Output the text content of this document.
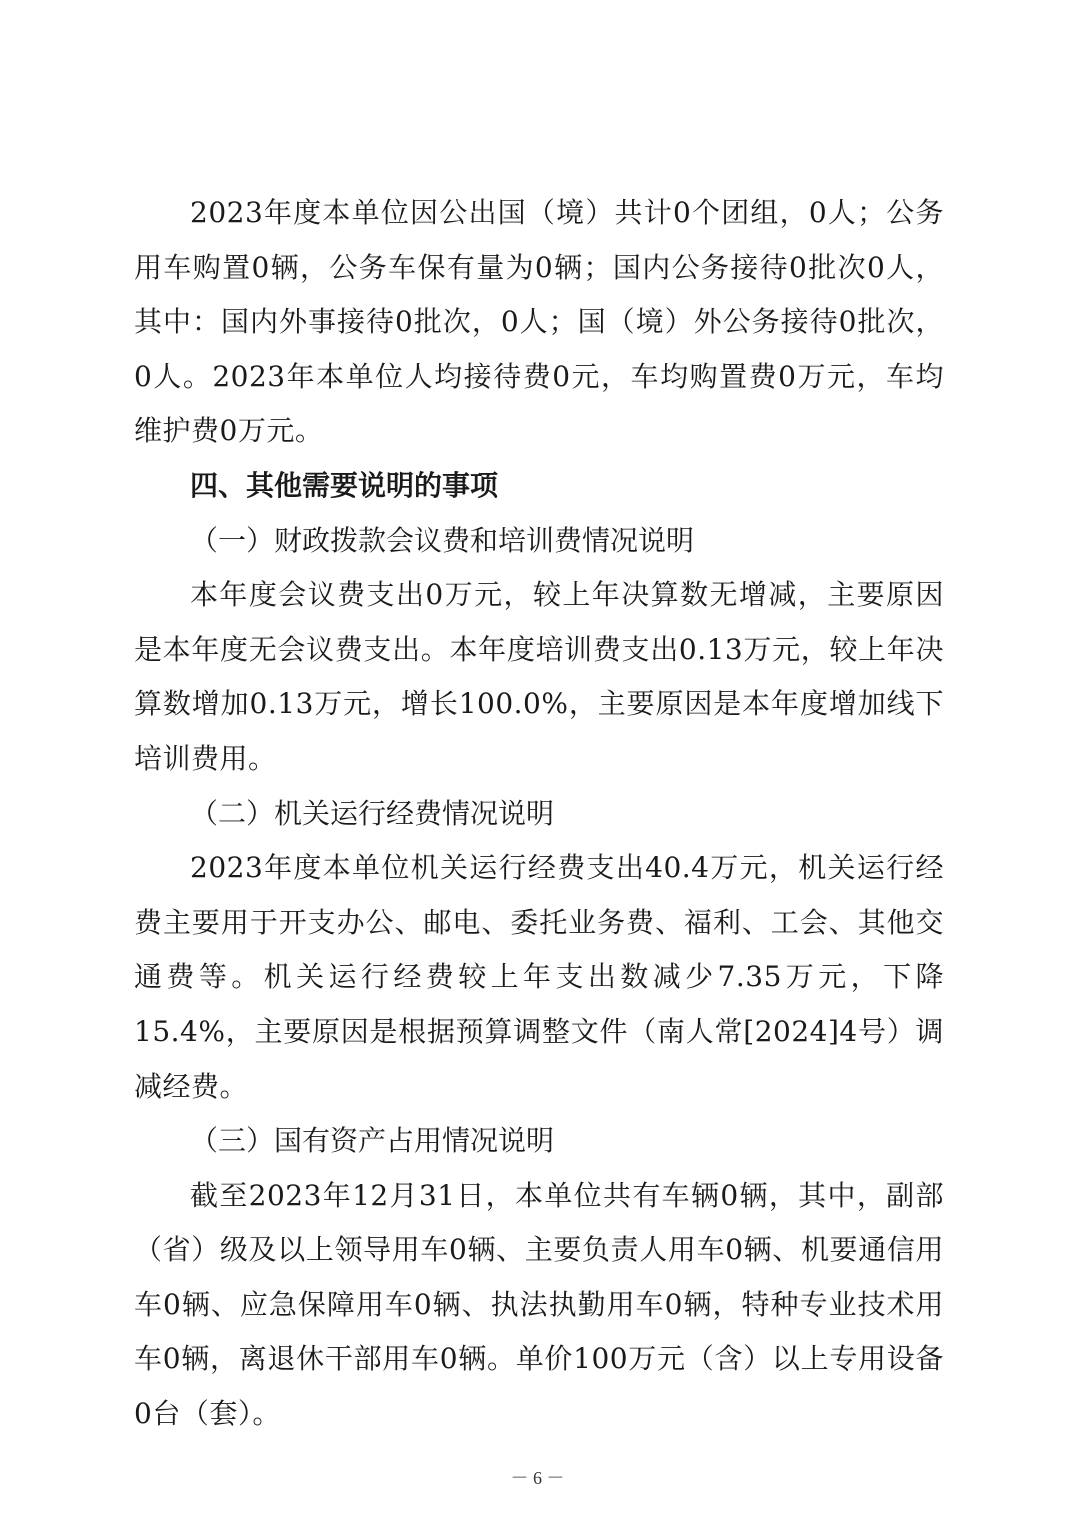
2023年度本单位因公出国（境）共计0个团组，0人；公务用车购置0辆，公务车保有量为0辆；国内公务接待0批次0人，其中：国内外事接待0批次，0人；国（境）外公务接待0批次，0人。2023年本单位人均接待费0元，车均购置费0万元，车均维护费0万元。

四、其他需要说明的事项

（一）财政拨款会议费和培训费情况说明

本年度会议费支出0万元，较上年决算数无增减，主要原因是本年度无会议费支出。本年度培训费支出0.13万元，较上年决算数增加0.13万元，增长100.0%，主要原因是本年度增加线下培训费用。

（二）机关运行经费情况说明

2023年度本单位机关运行经费支出40.4万元，机关运行经费主要用于开支办公、邮电、委托业务费、福利、工会、其他交通费等。机关运行经费较上年支出数减少7.35万元，下降15.4%，主要原因是根据预算调整文件（南人常[2024]4号）调减经费。

（三）国有资产占用情况说明

截至2023年12月31日，本单位共有车辆0辆，其中，副部（省）级及以上领导用车0辆、主要负责人用车0辆、机要通信用车0辆、应急保障用车0辆、执法执勤用车0辆，特种专业技术用车0辆，离退休干部用车0辆。单价100万元（含）以上专用设备0台（套）。

－ 6 －
